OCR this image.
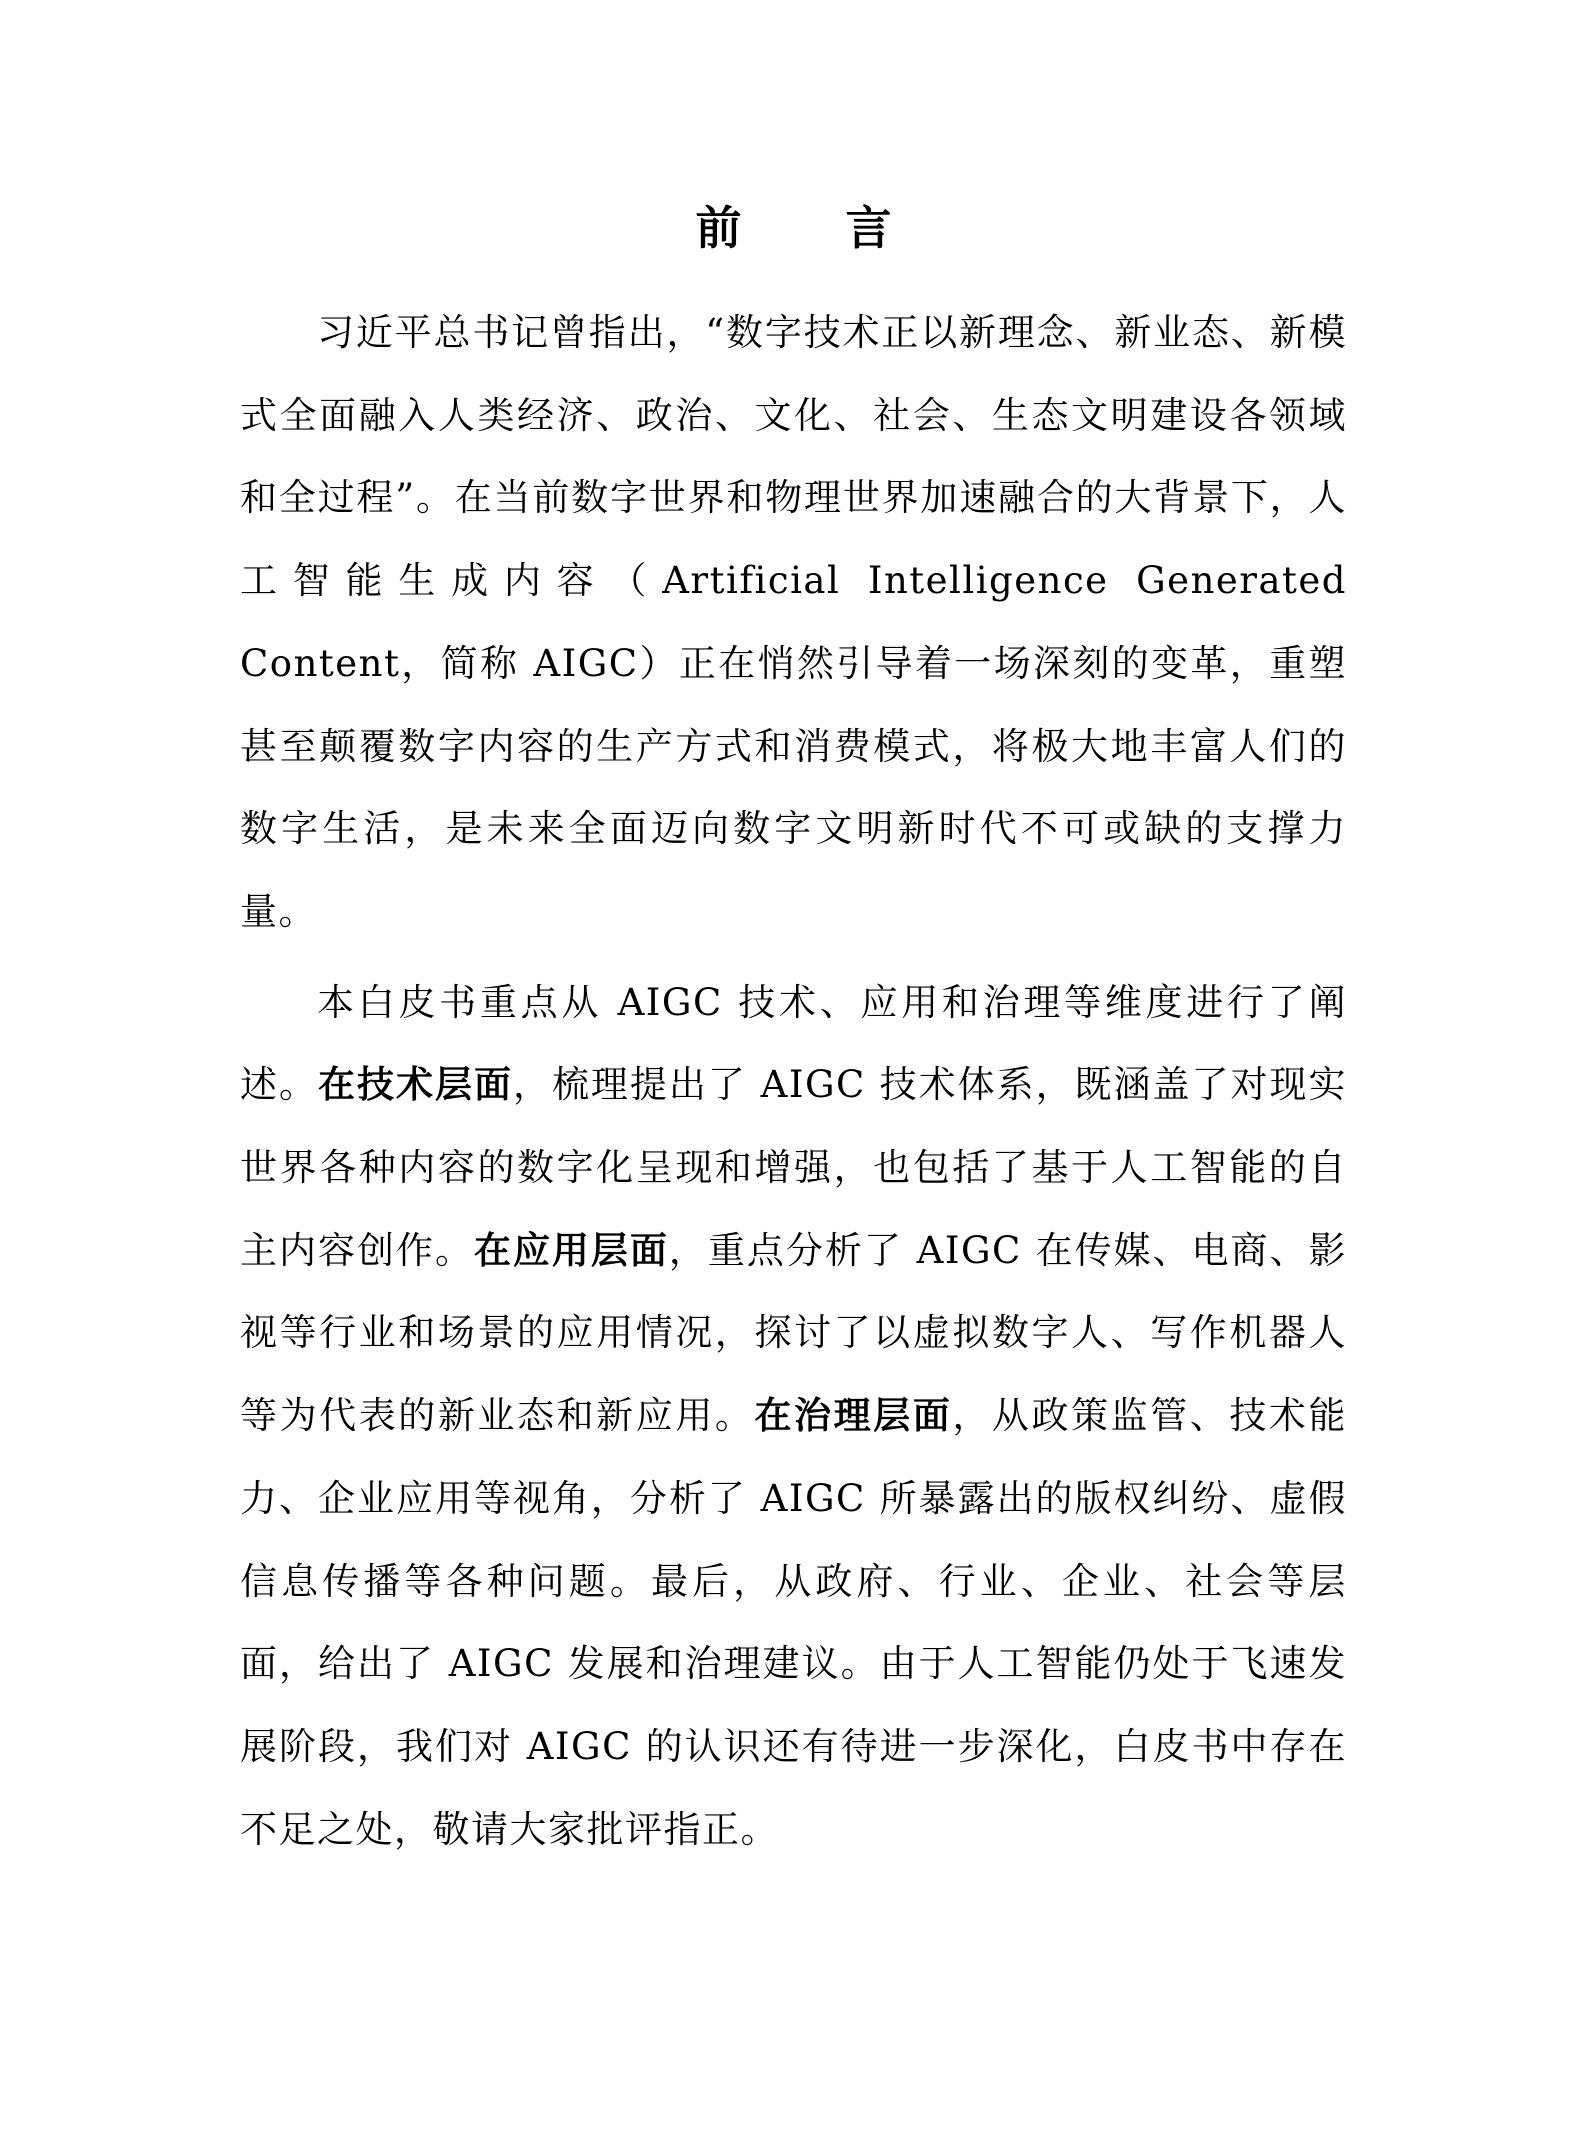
前 言

习近平总书记曾指出，“数字技术正以新理念、新业态、新模式全面融入人类经济、政治、文化、社会、生态文明建设各领域和全过程”。在当前数字世界和物理世界加速融合的大背景下，人工智能生成内容（Artificial Intelligence Generated Content，简称 AIGC）正在悄然引导着一场深刻的变革，重塑甚至颠覆数字内容的生产方式和消费模式，将极大地丰富人们的数字生活，是未来全面迈向数字文明新时代不可或缺的支撑力量。

本白皮书重点从 AIGC 技术、应用和治理等维度进行了阐述。在技术层面，梳理提出了 AIGC 技术体系，既涵盖了对现实世界各种内容的数字化呈现和增强，也包括了基于人工智能的自主内容创作。在应用层面，重点分析了 AIGC 在传媒、电商、影视等行业和场景的应用情况，探讨了以虚拟数字人、写作机器人等为代表的新业态和新应用。在治理层面，从政策监管、技术能力、企业应用等视角，分析了 AIGC 所暴露出的版权纠纷、虚假信息传播等各种问题。最后，从政府、行业、企业、社会等层面，给出了 AIGC 发展和治理建议。由于人工智能仍处于飞速发展阶段，我们对 AIGC 的认识还有待进一步深化，白皮书中存在不足之处，敬请大家批评指正。
